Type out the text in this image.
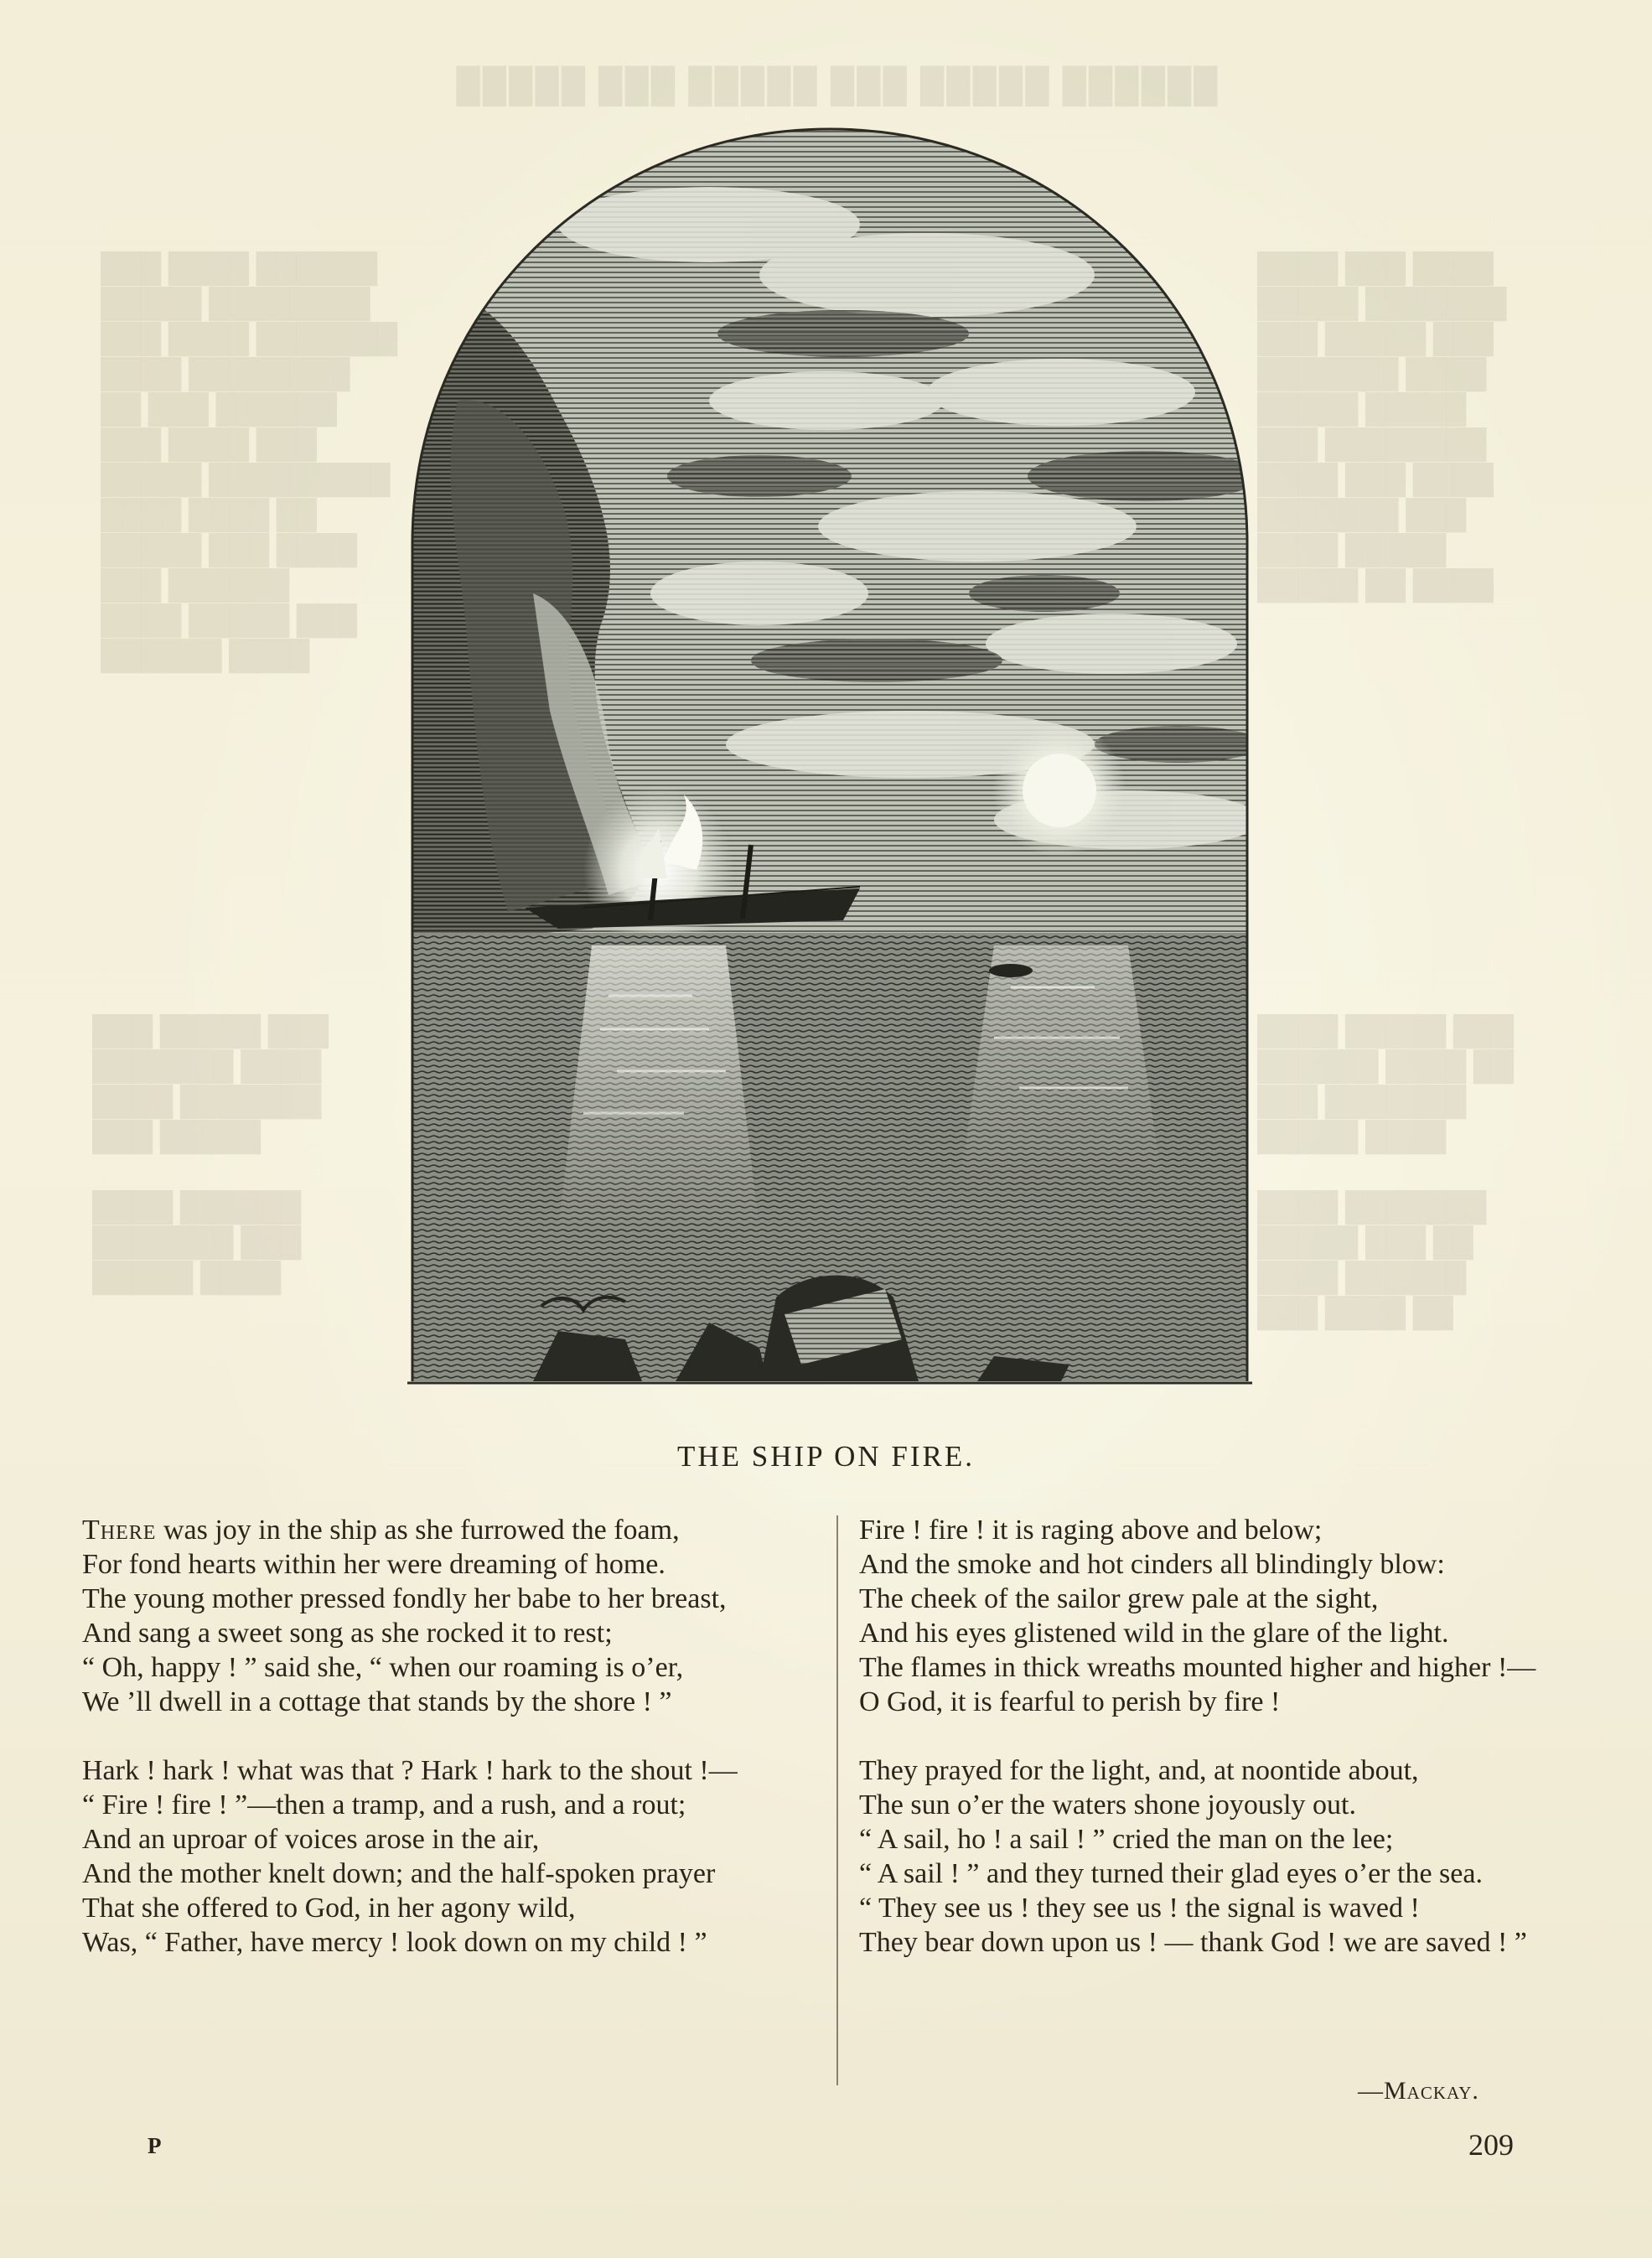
█████ ███ █████ ███ █████ ██████
███ ████ ██████
█████ ████████
███ ████ ███████
████ ████████
██ ███ ██████
███ ████ ███
█████ █████████
████ ████ ██
█████ ███ ████
███ ██████
████ █████ ███
██████ ████
████ ███ ████
█████ ███████
███ █████ ███
███████ ████
█████ █████
███ ████████
████ ███ ████
███████ ███
████ █████
█████ ██ ████
███ █████ ███
███████ ████
████ ███████
███ █████

████ ██████
███████ ███
█████ ████
████ █████ ███
██████ ████ ██
███ ███████
█████ ████

████ ███████
█████ ███ ██
████ ██████
███ ████ ██
THE SHIP ON FIRE.
There was joy in the ship as she furrowed the foam,
For fond hearts within her were dreaming of home.
The young mother pressed fondly her babe to her breast,
And sang a sweet song as she rocked it to rest;
“ Oh, happy ! ” said she, “ when our roaming is o’er,
We ’ll dwell in a cottage that stands by the shore ! ”
Hark ! hark ! what was that ? Hark ! hark to the shout !—
“ Fire ! fire ! ”—then a tramp, and a rush, and a rout;
And an uproar of voices arose in the air,
And the mother knelt down; and the half-spoken prayer
That she offered to God, in her agony wild,
Was, “ Father, have mercy ! look down on my child ! ”
Fire ! fire ! it is raging above and below;
And the smoke and hot cinders all blindingly blow:
The cheek of the sailor grew pale at the sight,
And his eyes glistened wild in the glare of the light.
The flames in thick wreaths mounted higher and higher !—
O God, it is fearful to perish by fire !
They prayed for the light, and, at noontide about,
The sun o’er the waters shone joyously out.
“ A sail, ho ! a sail ! ” cried the man on the lee;
“ A sail ! ” and they turned their glad eyes o’er the sea.
“ They see us ! they see us ! the signal is waved !
They bear down upon us ! — thank God ! we are saved ! ”
—Mackay.
P	209
